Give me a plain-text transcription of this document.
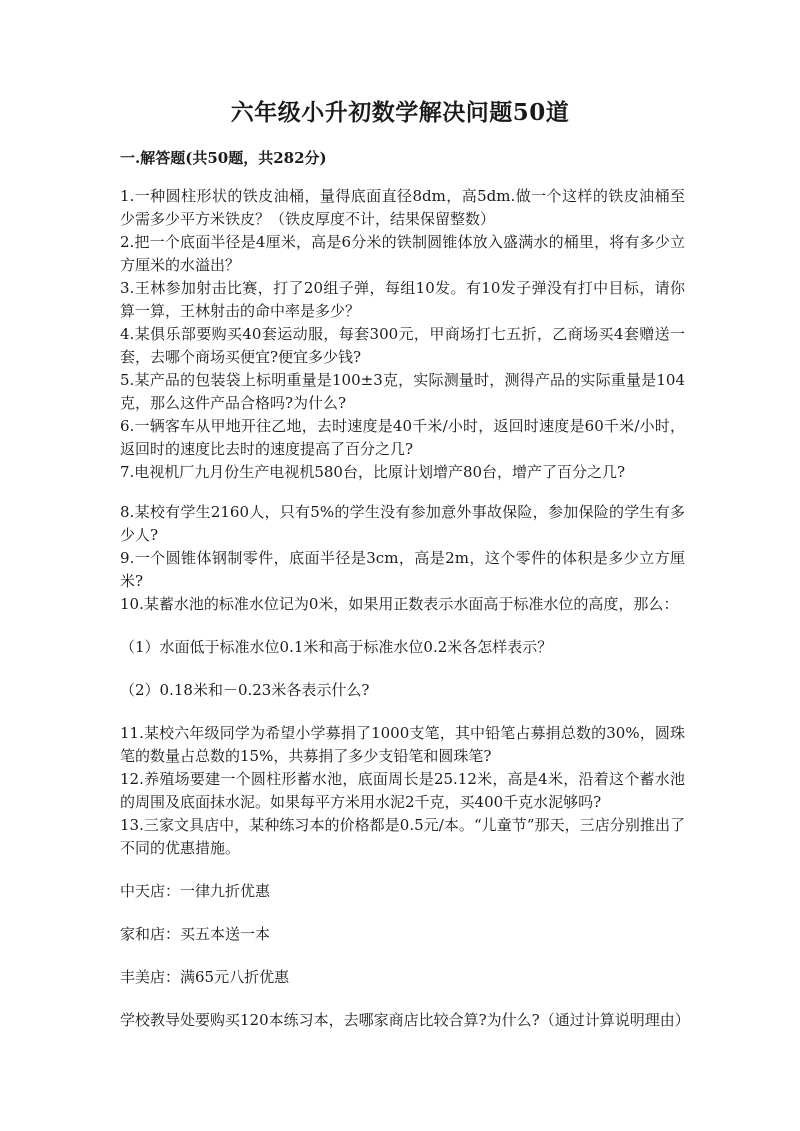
六年级小升初数学解决问题50道
一.解答题(共50题，共282分)

1.一种圆柱形状的铁皮油桶，量得底面直径8dm，高5dm.做一个这样的铁皮油桶至少需多少平方米铁皮？（铁皮厚度不计，结果保留整数）

2.把一个底面半径是4厘米，高是6分米的铁制圆锥体放入盛满水的桶里，将有多少立方厘米的水溢出？

3.王林参加射击比赛，打了20组子弹，每组10发。有10发子弹没有打中目标，请你算一算，王林射击的命中率是多少？

4.某俱乐部要购买40套运动服，每套300元，甲商场打七五折，乙商场买4套赠送一套，去哪个商场买便宜?便宜多少钱?

5.某产品的包装袋上标明重量是100±3克，实际测量时，测得产品的实际重量是104克，那么这件产品合格吗?为什么?

6.一辆客车从甲地开往乙地，去时速度是40千米/小时，返回时速度是60千米/小时，返回时的速度比去时的速度提高了百分之几?

7.电视机厂九月份生产电视机580台，比原计划增产80台，增产了百分之几?

8.某校有学生2160人，只有5%的学生没有参加意外事故保险，参加保险的学生有多少人?

9.一个圆锥体钢制零件，底面半径是3cm，高是2m，这个零件的体积是多少立方厘米?

10.某蓄水池的标准水位记为0米，如果用正数表示水面高于标准水位的高度，那么：

（1）水面低于标准水位0.1米和高于标准水位0.2米各怎样表示？

（2）0.18米和－0.23米各表示什么?

11.某校六年级同学为希望小学募捐了1000支笔，其中铅笔占募捐总数的30%，圆珠笔的数量占总数的15%，共募捐了多少支铅笔和圆珠笔?

12.养殖场要建一个圆柱形蓄水池，底面周长是25.12米，高是4米，沿着这个蓄水池的周围及底面抹水泥。如果每平方米用水泥2千克，买400千克水泥够吗?

13.三家文具店中，某种练习本的价格都是0.5元/本。“儿童节”那天，三店分别推出了不同的优惠措施。

中天店：一律九折优惠

家和店：买五本送一本

丰美店：满65元八折优惠

学校教导处要购买120本练习本，去哪家商店比较合算?为什么?（通过计算说明理由）
